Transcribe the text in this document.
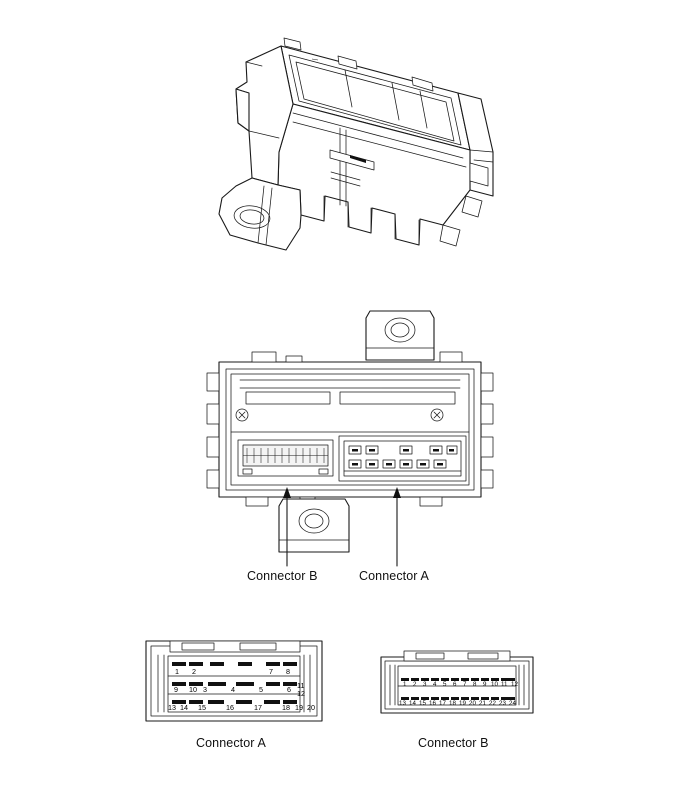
Connector B	Connector A
Connector A	Connector B
1 2	7 8
9 10 3	4	5	6 11
12
13 14 15	16	17	18 19 20
1 2 3 4 5 6 7 8 9 10 11 12
13 14 15 16 17 18 19 20 21 22 23 24
